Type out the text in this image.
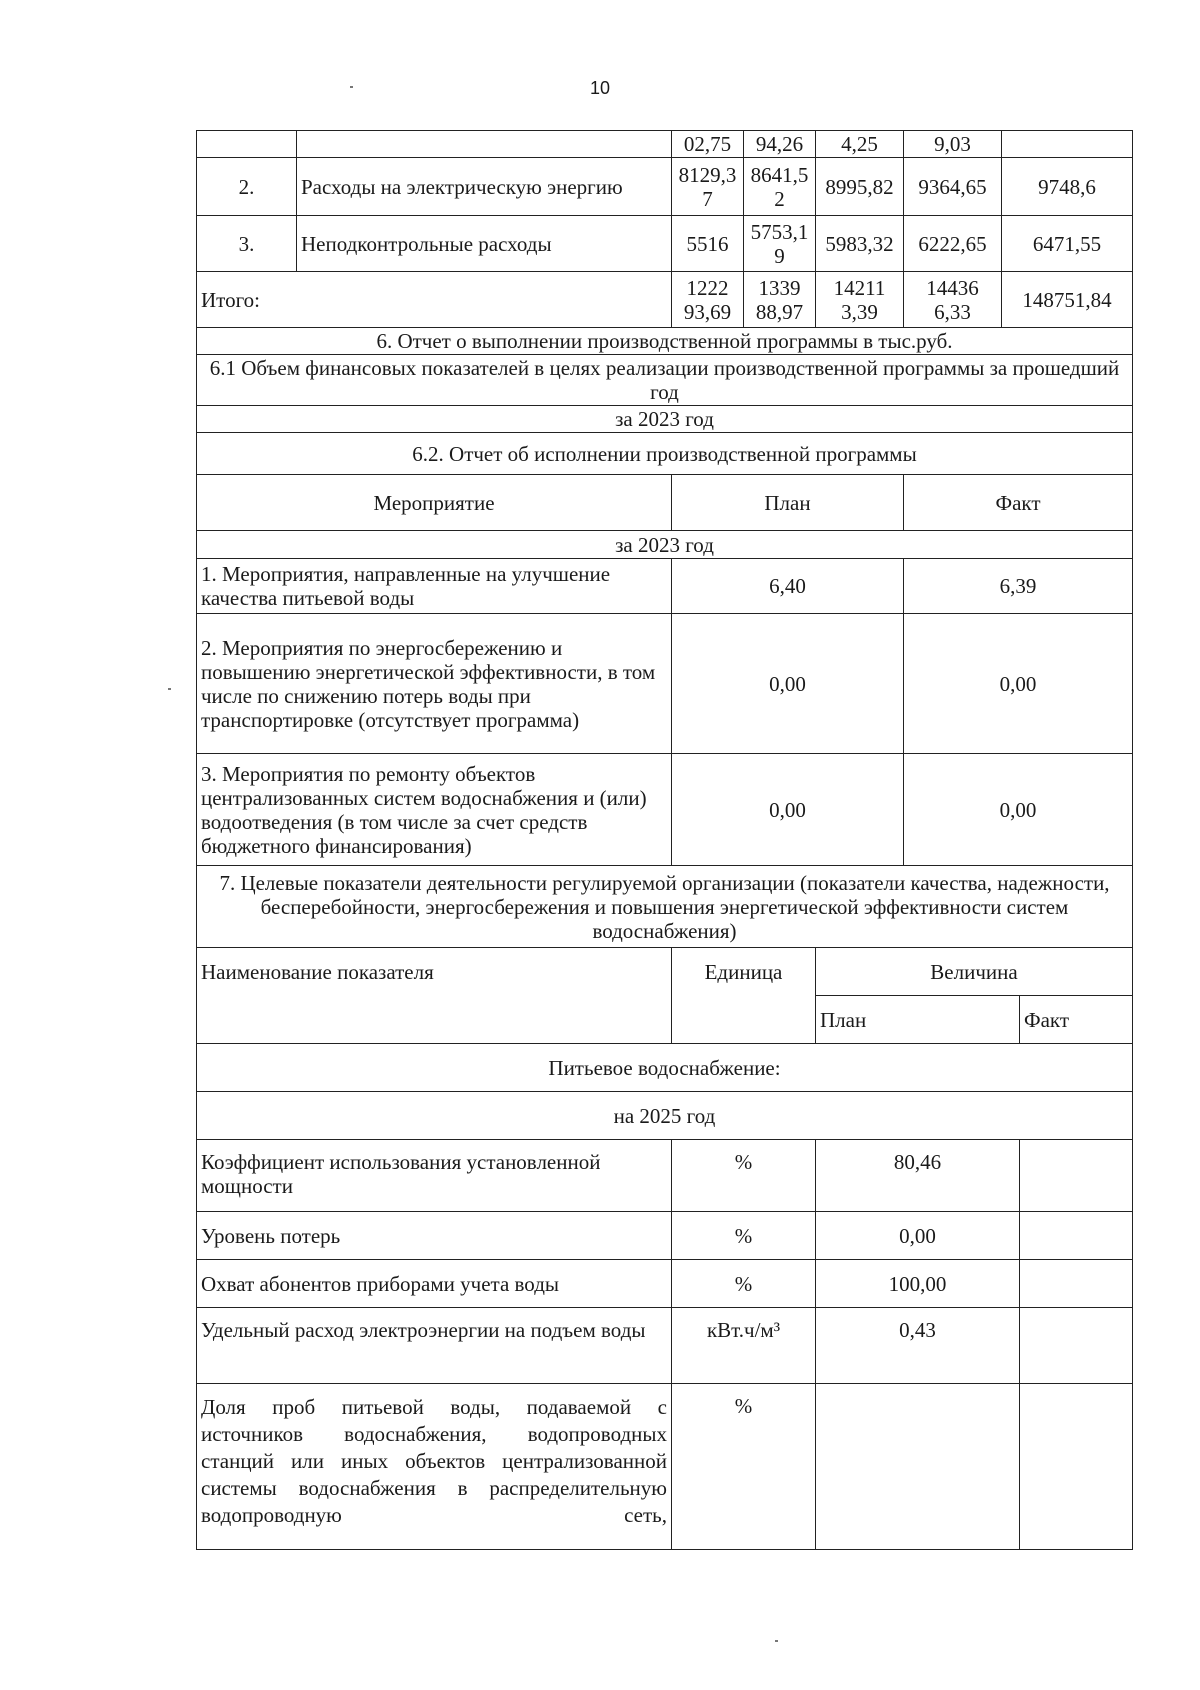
10
		02,75	94,26	4,25	9,03		
2.	Расходы на электрическую энергию	8129,37	8641,52	8995,82	9364,65	9748,6	
3.	Неподконтрольные расходы	5516	5753,19	5983,32	6222,65	6471,55	
Итого:		1222 93,69	1339 88,97	14211 3,39	14436 6,33	148751,84	
6. Отчет о выполнении производственной программы в тыс.руб.							
6.1 Объем финансовых показателей в целях реализации производственной программы за прошедший год							
за 2023 год							
6.2. Отчет об исполнении производственной программы							
Мероприятие		План			Факт		
за 2023 год							
1. Мероприятия, направленные на улучшение качества питьевой воды		6,40			6,39		
2. Мероприятия по энергосбережению и повышению энергетической эффективности, в том числе по снижению потерь воды при транспортировке (отсутствует программа)		0,00			0,00		
3. Мероприятия по ремонту объектов централизованных систем водоснабжения и (или) водоотведения (в том числе за счет средств бюджетного финансирования)		0,00			0,00		
7. Целевые показатели деятельности регулируемой организации (показатели качества, надежности, бесперебойности, энергосбережения и повышения энергетической эффективности систем водоснабжения)							
Наименование показателя		Единица		Величина			
				План			Факт
Питьевое водоснабжение:							
на 2025 год							
Коэффициент использования установленной мощности		%		80,46			
Уровень потерь		%		0,00			
Охват абонентов приборами учета воды		%		100,00			
Удельный расход электроэнергии на подъем воды		кВт.ч/м³		0,43			
Доля проб питьевой воды, подаваемой с источников водоснабжения, водопроводных станций или иных объектов централизованной системы водоснабжения в распределительную водопроводную сеть,		%					
